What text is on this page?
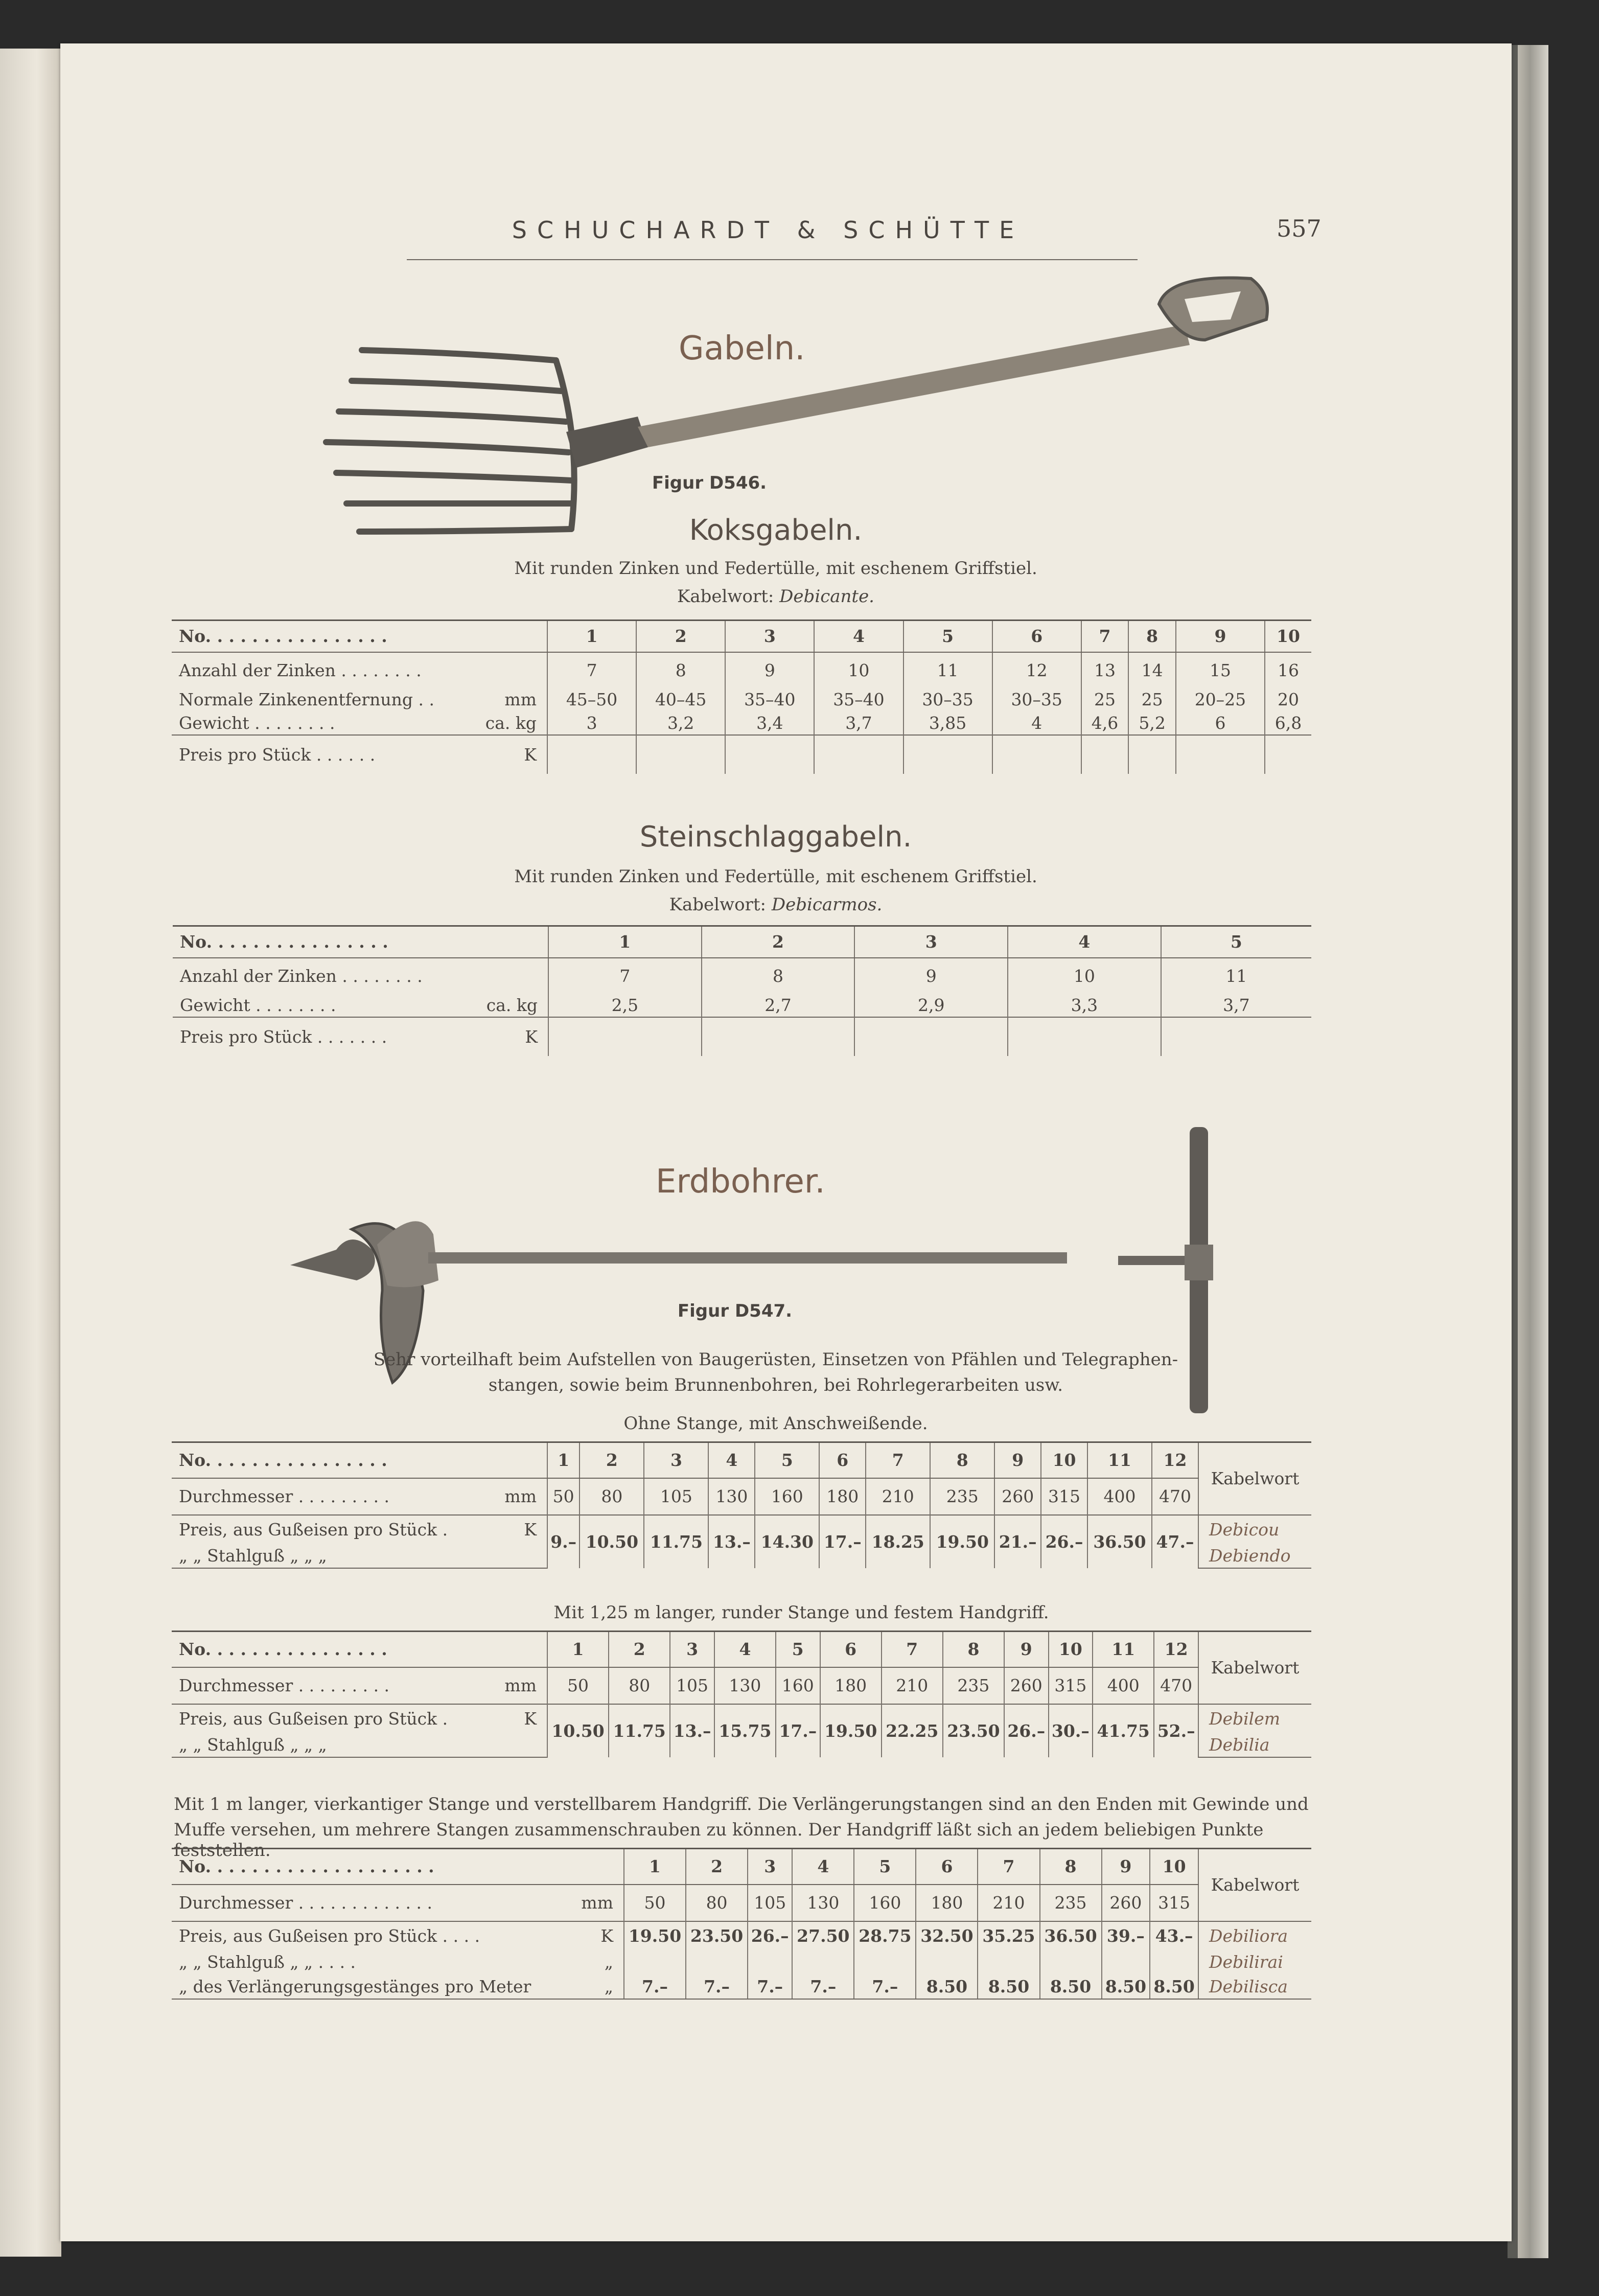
SCHUCHARDT & SCHÜTTE	557
Gabeln.
Figur D546.
Koksgabeln.
Mit runden Zinken und Federtülle, mit eschenem Griffstiel.
Kabelwort: Debicante.
No. . . . . . . . . . . . . . . .	1	2	3	4	5	6	7	8	9	10
Anzahl der Zinken . . . . . . . .	7	8	9	10	11	12	13	14	15	16
Normale Zinkenentfernung . . mm	45–50	40–45	35–40	35–40	30–35	30–35	25	25	20–25	20
Gewicht . . . . . . . . ca. kg	3	3,2	3,4	3,7	3,85	4	4,6	5,2	6	6,8
Preis pro Stück . . . . . . K										

Steinschlaggabeln.
Mit runden Zinken und Federtülle, mit eschenem Griffstiel.
Kabelwort: Debicarmos.
No. . . . . . . . . . . . . . . .	1	2	3	4	5
Anzahl der Zinken . . . . . . . .	7	8	9	10	11
Gewicht . . . . . . . . ca. kg	2,5	2,7	2,9	3,3	3,7
Preis pro Stück . . . . . . . K					

Erdbohrer.
Figur D547.
Sehr vorteilhaft beim Aufstellen von Baugerüsten, Einsetzen von Pfählen und Telegraphen-
stangen, sowie beim Brunnenbohren, bei Rohrlegerarbeiten usw.
Ohne Stange, mit Anschweißende.
No. . . . . . . . . . . . . . . .	1	2	3	4	5	6	7	8	9	10	11	12	Kabelwort
Durchmesser . . . . . . . . . mm	50	80	105	130	160	180	210	235	260	315	400	470	
Preis, aus Gußeisen pro Stück . K	9.–	10.50	11.75	13.–	14.30	17.–	18.25	19.50	21.–	26.–	36.50	47.–	Debicou
„ „ Stahlguß „ „ „													Debiendo
Mit 1,25 m langer, runder Stange und festem Handgriff.
No. . . . . . . . . . . . . . . .	1	2	3	4	5	6	7	8	9	10	11	12	Kabelwort
Durchmesser . . . . . . . . . mm	50	80	105	130	160	180	210	235	260	315	400	470	
Preis, aus Gußeisen pro Stück . K	10.50	11.75	13.–	15.75	17.–	19.50	22.25	23.50	26.–	30.–	41.75	52.–	Debilem
„ „ Stahlguß „ „ „													Debilia
Mit 1 m langer, vierkantiger Stange und verstellbarem Handgriff. Die Verlängerungstangen sind an den Enden mit Gewinde und
Muffe versehen, um mehrere Stangen zusammenschrauben zu können. Der Handgriff läßt sich an jedem beliebigen Punkte feststellen.
No. . . . . . . . . . . . . . . . . . . .	1	2	3	4	5	6	7	8	9	10	Kabelwort
Durchmesser . . . . . . . . . . . . . mm	50	80	105	130	160	180	210	235	260	315	
Preis, aus Gußeisen pro Stück . . . . K	19.50	23.50	26.–	27.50	28.75	32.50	35.25	36.50	39.–	43.–	Debiliora
„ „ Stahlguß „ „ . . . . „											Debilirai
„ des Verlängerungsgestänges pro Meter „	7.–	7.–	7.–	7.–	7.–	8.50	8.50	8.50	8.50	8.50	Debilisca
